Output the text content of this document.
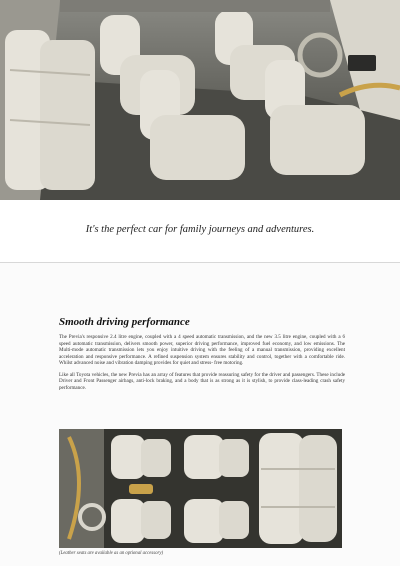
It's the perfect car for family journeys and adventures.
Smooth driving performance

The Previa's responsive 2.4 litre engine, coupled with a 4 speed automatic transmission, and the new 3.5 litre engine, coupled with a 6 speed automatic transmission, delivers smooth power, superior driving performance, improved fuel economy, and low emissions. The Multi-mode automatic transmission lets you enjoy intuitive driving with the feeling of a manual transmission, providing excellent acceleration and responsive performance. A refined suspension system ensures stability and control, together with a comfortable ride. Whilst advanced noise and vibration damping provides for quiet and stress- free motoring.

Like all Toyota vehicles, the new Previa has an array of features that provide reassuring safety for the driver and passengers. These include Driver and Front Passenger airbags, anti-lock braking, and a body that is as strong as it is stylish, to provide class-leading crash safety performance.

(Leather seats are available as an optional accessory)
